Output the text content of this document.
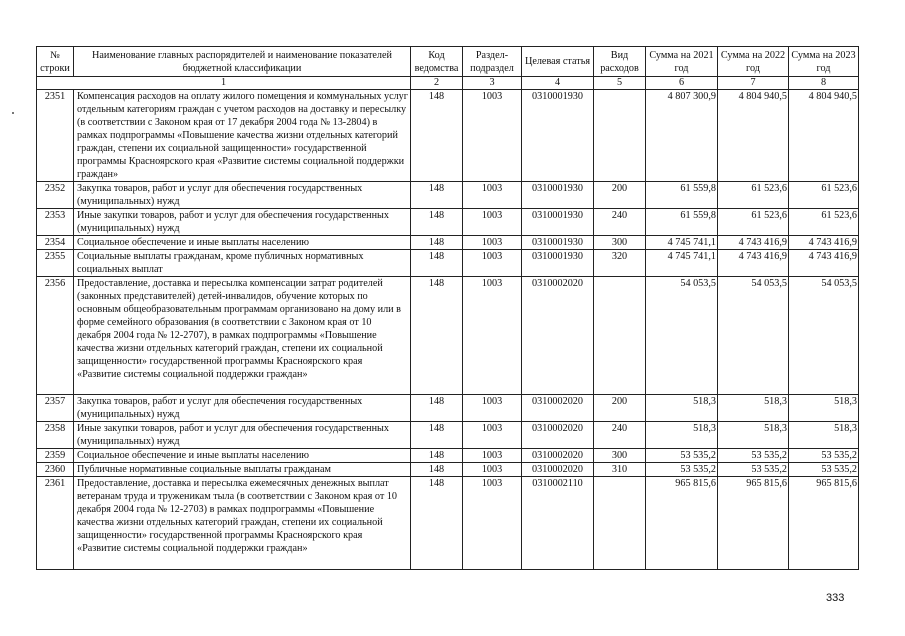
№ строки	Наименование главных распорядителей и наименование показателей бюджетной классификации	Код ведомства	Раздел-подраздел	Целевая статья	Вид расходов	Сумма на 2021 год	Сумма на 2022 год	Сумма на 2023 год
1		2	3	4	5	6	7	8
2351	Компенсация расходов на оплату жилого помещения и коммунальных услуг отдельным категориям граждан с учетом расходов на доставку и пересылку (в соответствии с Законом края от 17 декабря 2004 года № 13-2804) в рамках подпрограммы «Повышение качества жизни отдельных категорий граждан, степени их социальной защищенности» государственной программы Красноярского края «Развитие системы социальной поддержки граждан»	148	1003	0310001930		4 807 300,9	4 804 940,5	4 804 940,5
2352	Закупка товаров, работ и услуг для обеспечения государственных (муниципальных) нужд	148	1003	0310001930	200	61 559,8	61 523,6	61 523,6
2353	Иные закупки товаров, работ и услуг для обеспечения государственных (муниципальных) нужд	148	1003	0310001930	240	61 559,8	61 523,6	61 523,6
2354	Социальное обеспечение и иные выплаты населению	148	1003	0310001930	300	4 745 741,1	4 743 416,9	4 743 416,9
2355	Социальные выплаты гражданам, кроме публичных нормативных социальных выплат	148	1003	0310001930	320	4 745 741,1	4 743 416,9	4 743 416,9
2356	Предоставление, доставка и пересылка компенсации затрат родителей (законных представителей) детей-инвалидов, обучение которых по основным общеобразовательным программам организовано на дому или в форме семейного образования (в соответствии с Законом края от 10 декабря 2004 года № 12-2707), в рамках подпрограммы «Повышение качества жизни отдельных категорий граждан, степени их социальной защищенности» государственной программы Красноярского края «Развитие системы социальной поддержки граждан»	148	1003	0310002020		54 053,5	54 053,5	54 053,5
2357	Закупка товаров, работ и услуг для обеспечения государственных (муниципальных) нужд	148	1003	0310002020	200	518,3	518,3	518,3
2358	Иные закупки товаров, работ и услуг для обеспечения государственных (муниципальных) нужд	148	1003	0310002020	240	518,3	518,3	518,3
2359	Социальное обеспечение и иные выплаты населению	148	1003	0310002020	300	53 535,2	53 535,2	53 535,2
2360	Публичные нормативные социальные выплаты гражданам	148	1003	0310002020	310	53 535,2	53 535,2	53 535,2
2361	Предоставление, доставка и пересылка ежемесячных денежных выплат ветеранам труда и труженикам тыла (в соответствии с Законом края от 10 декабря 2004 года № 12-2703) в рамках подпрограммы «Повышение качества жизни отдельных категорий граждан, степени их социальной защищенности» государственной программы Красноярского края «Развитие системы социальной поддержки граждан»	148	1003	0310002110		965 815,6	965 815,6	965 815,6
333
